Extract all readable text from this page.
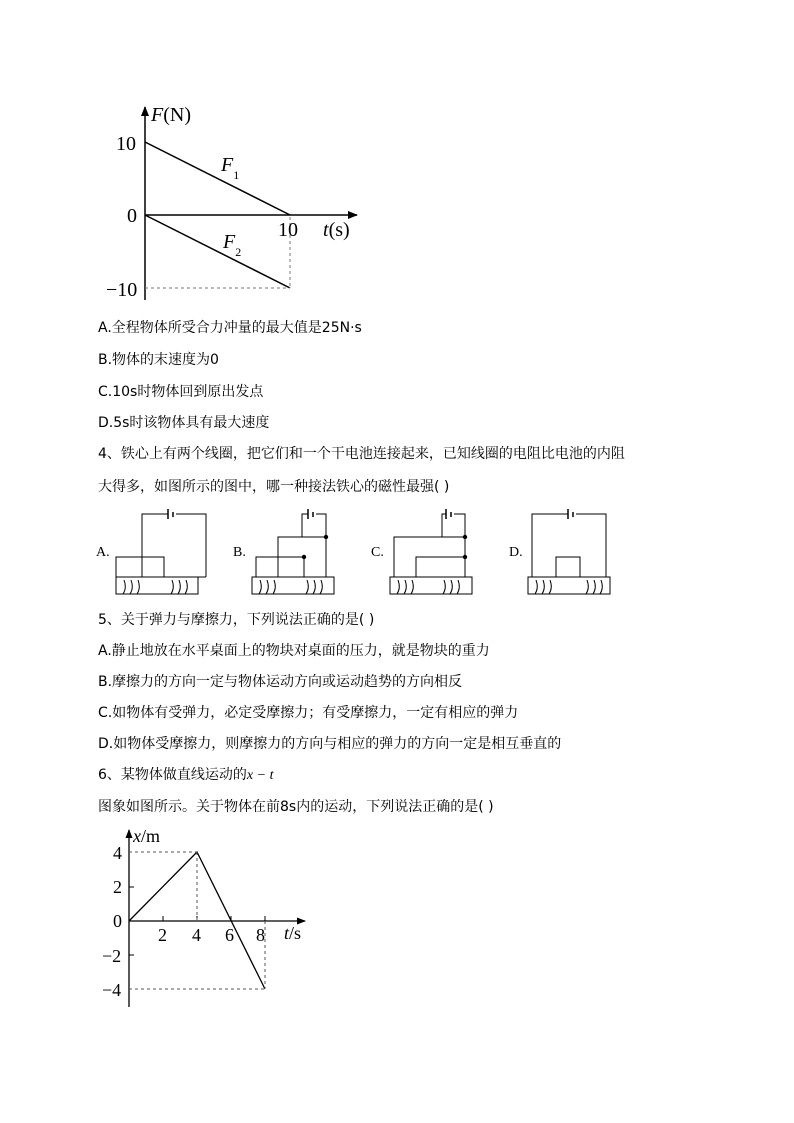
F(N)
10
0
−10
10 t(s)
$F_1$
$F_2$
A.全程物体所受合力冲量的最大值是25N·s
B.物体的末速度为0
C.10s时物体回到原出发点
D.5s时该物体具有最大速度
4、铁心上有两个线圈，把它们和一个干电池连接起来，已知线圈的电阻比电池的内阻
大得多，如图所示的图中，哪一种接法铁心的磁性最强( )
A.	B.	C.	D.
5、关于弹力与摩擦力，下列说法正确的是( )
A.静止地放在水平桌面上的物块对桌面的压力，就是物块的重力
B.摩擦力的方向一定与物体运动方向或运动趋势的方向相反
C.如物体有受弹力，必定受摩擦力；有受摩擦力，一定有相应的弹力
D.如物体受摩擦力，则摩擦力的方向与相应的弹力的方向一定是相互垂直的
6、某物体做直线运动的x − t
图象如图所示。关于物体在前8s内的运动，下列说法正确的是( )
x/m
4
2
0
−2
−4
2 4 6 8 t/s
